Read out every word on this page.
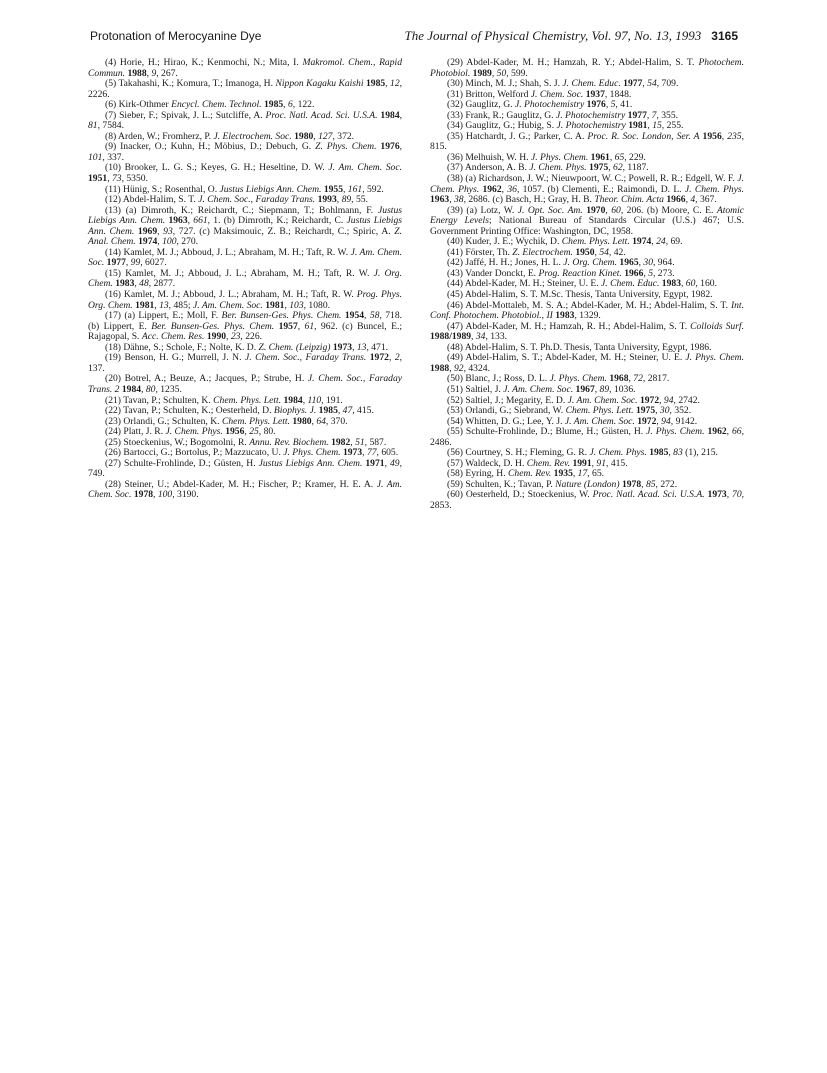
Protonation of Merocyanine Dye	The Journal of Physical Chemistry, Vol. 97, No. 13, 1993 3165

(4) Horie, H.; Hirao, K.; Kenmochi, N.; Mita, I. Makromol. Chem., Rapid Commun. 1988, 9, 267.

(5) Takahashi, K.; Komura, T.; Imanoga, H. Nippon Kagaku Kaishi 1985, 12, 2226.

(6) Kirk-Othmer Encycl. Chem. Technol. 1985, 6, 122.

(7) Sieber, F.; Spivak, J. L.; Sutcliffe, A. Proc. Natl. Acad. Sci. U.S.A. 1984, 81, 7584.

(8) Arden, W.; Fromherz, P. J. Electrochem. Soc. 1980, 127, 372.

(9) Inacker, O.; Kuhn, H.; Möbius, D.; Debuch, G. Z. Phys. Chem. 1976, 101, 337.

(10) Brooker, L. G. S.; Keyes, G. H.; Heseltine, D. W. J. Am. Chem. Soc. 1951, 73, 5350.

(11) Hünig, S.; Rosenthal, O. Justus Liebigs Ann. Chem. 1955, 161, 592.

(12) Abdel-Halim, S. T. J. Chem. Soc., Faraday Trans. 1993, 89, 55.

(13) (a) Dimroth, K.; Reichardt, C.; Siepmann, T.; Bohlmann, F. Justus Liebigs Ann. Chem. 1963, 661, 1. (b) Dimroth, K.; Reichardt, C. Justus Liebigs Ann. Chem. 1969, 93, 727. (c) Maksimouic, Z. B.; Reichardt, C.; Spiric, A. Z. Anal. Chem. 1974, 100, 270.

(14) Kamlet, M. J.; Abboud, J. L.; Abraham, M. H.; Taft, R. W. J. Am. Chem. Soc. 1977, 99, 6027.

(15) Kamlet, M. J.; Abboud, J. L.; Abraham, M. H.; Taft, R. W. J. Org. Chem. 1983, 48, 2877.

(16) Kamlet, M. J.; Abboud, J. L.; Abraham, M. H.; Taft, R. W. Prog. Phys. Org. Chem. 1981, 13, 485; J. Am. Chem. Soc. 1981, 103, 1080.

(17) (a) Lippert, E.; Moll, F. Ber. Bunsen-Ges. Phys. Chem. 1954, 58, 718. (b) Lippert, E. Ber. Bunsen-Ges. Phys. Chem. 1957, 61, 962. (c) Buncel, E.; Rajagopal, S. Acc. Chem. Res. 1990, 23, 226.

(18) Dähne, S.; Schole, F.; Nolte, K. D. Z. Chem. (Leipzig) 1973, 13, 471.

(19) Benson, H. G.; Murrell, J. N. J. Chem. Soc., Faraday Trans. 1972, 2, 137.

(20) Botrel, A.; Beuze, A.; Jacques, P.; Strube, H. J. Chem. Soc., Faraday Trans. 2 1984, 80, 1235.

(21) Tavan, P.; Schulten, K. Chem. Phys. Lett. 1984, 110, 191.

(22) Tavan, P.; Schulten, K.; Oesterheld, D. Biophys. J. 1985, 47, 415.

(23) Orlandi, G.; Schulten, K. Chem. Phys. Lett. 1980, 64, 370.

(24) Platt, J. R. J. Chem. Phys. 1956, 25, 80.

(25) Stoeckenius, W.; Bogomolni, R. Annu. Rev. Biochem. 1982, 51, 587.

(26) Bartocci, G.; Bortolus, P.; Mazzucato, U. J. Phys. Chem. 1973, 77, 605.

(27) Schulte-Frohlinde, D.; Güsten, H. Justus Liebigs Ann. Chem. 1971, 49, 749.

(28) Steiner, U.; Abdel-Kader, M. H.; Fischer, P.; Kramer, H. E. A. J. Am. Chem. Soc. 1978, 100, 3190.

(29) Abdel-Kader, M. H.; Hamzah, R. Y.; Abdel-Halim, S. T. Photochem. Photobiol. 1989, 50, 599.

(30) Minch, M. J.; Shah, S. J. J. Chem. Educ. 1977, 54, 709.

(31) Britton, Welford J. Chem. Soc. 1937, 1848.

(32) Gauglitz, G. J. Photochemistry 1976, 5, 41.

(33) Frank, R.; Gauglitz, G. J. Photochemistry 1977, 7, 355.

(34) Gauglitz, G.; Hubig, S. J. Photochemistry 1981, 15, 255.

(35) Hatchardt, J. G.; Parker, C. A. Proc. R. Soc. London, Ser. A 1956, 235, 815.

(36) Melhuish, W. H. J. Phys. Chem. 1961, 65, 229.

(37) Anderson, A. B. J. Chem. Phys. 1975, 62, 1187.

(38) (a) Richardson, J. W.; Nieuwpoort, W. C.; Powell, R. R.; Edgell, W. F. J. Chem. Phys. 1962, 36, 1057. (b) Clementi, E.; Raimondi, D. L. J. Chem. Phys. 1963, 38, 2686. (c) Basch, H.; Gray, H. B. Theor. Chim. Acta 1966, 4, 367.

(39) (a) Lotz, W. J. Opt. Soc. Am. 1970, 60, 206. (b) Moore, C. E. Atomic Energy Levels; National Bureau of Standards Circular (U.S.) 467; U.S. Government Printing Office: Washington, DC, 1958.

(40) Kuder, J. E.; Wychik, D. Chem. Phys. Lett. 1974, 24, 69.

(41) Förster, Th. Z. Electrochem. 1950, 54, 42.

(42) Jaffé, H. H.; Jones, H. L. J. Org. Chem. 1965, 30, 964.

(43) Vander Donckt, E. Prog. Reaction Kinet. 1966, 5, 273.

(44) Abdel-Kader, M. H.; Steiner, U. E. J. Chem. Educ. 1983, 60, 160.

(45) Abdel-Halim, S. T. M.Sc. Thesis, Tanta University, Egypt, 1982.

(46) Abdel-Mottaleb, M. S. A.; Abdel-Kader, M. H.; Abdel-Halim, S. T. Int. Conf. Photochem. Photobiol., II 1983, 1329.

(47) Abdel-Kader, M. H.; Hamzah, R. H.; Abdel-Halim, S. T. Colloids Surf. 1988/1989, 34, 133.

(48) Abdel-Halim, S. T. Ph.D. Thesis, Tanta University, Egypt, 1986.

(49) Abdel-Halim, S. T.; Abdel-Kader, M. H.; Steiner, U. E. J. Phys. Chem. 1988, 92, 4324.

(50) Blanc, J.; Ross, D. L. J. Phys. Chem. 1968, 72, 2817.

(51) Saltiel, J. J. Am. Chem. Soc. 1967, 89, 1036.

(52) Saltiel, J.; Megarity, E. D. J. Am. Chem. Soc. 1972, 94, 2742.

(53) Orlandi, G.; Siebrand, W. Chem. Phys. Lett. 1975, 30, 352.

(54) Whitten, D. G.; Lee, Y. J. J. Am. Chem. Soc. 1972, 94, 9142.

(55) Schulte-Frohlinde, D.; Blume, H.; Güsten, H. J. Phys. Chem. 1962, 66, 2486.

(56) Courtney, S. H.; Fleming, G. R. J. Chem. Phys. 1985, 83 (1), 215.

(57) Waldeck, D. H. Chem. Rev. 1991, 91, 415.

(58) Eyring, H. Chem. Rev. 1935, 17, 65.

(59) Schulten, K.; Tavan, P. Nature (London) 1978, 85, 272.

(60) Oesterheld, D.; Stoeckenius, W. Proc. Natl. Acad. Sci. U.S.A. 1973, 70, 2853.
